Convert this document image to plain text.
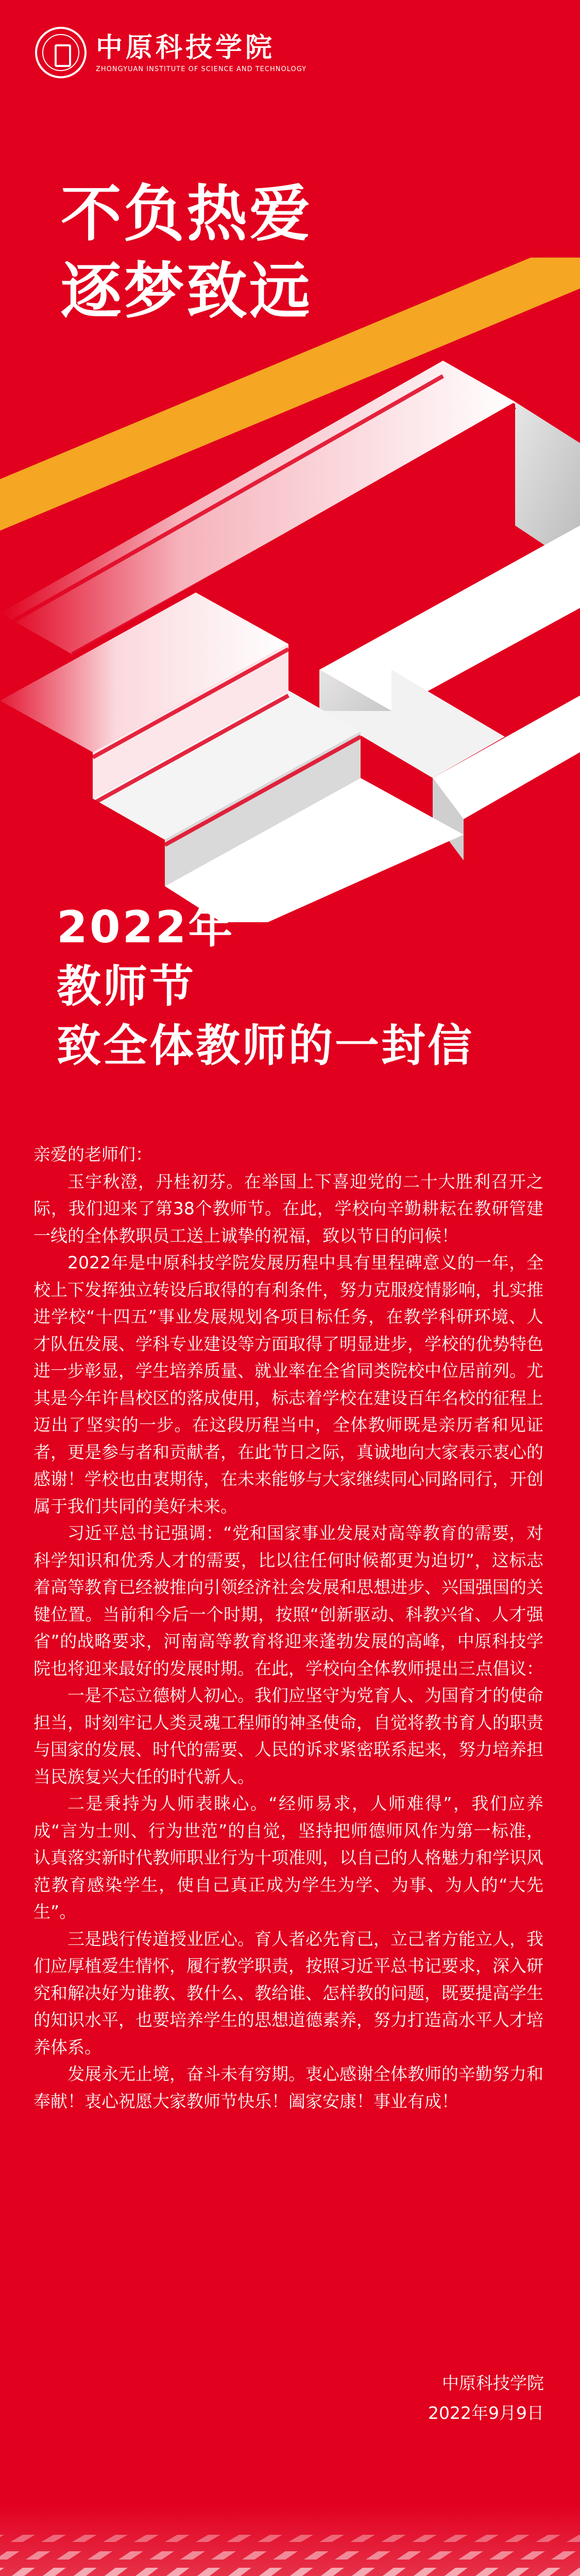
中原科技学院
ZHONGYUAN INSTITUTE OF SCIENCE AND TECHNOLOGY
不负热爱
逐梦致远
2022年
教师节
致全体教师的一封信

亲爱的老师们：

玉宇秋澄，丹桂初芬。在举国上下喜迎党的二十大胜利召开之际，我们迎来了第38个教师节。在此，学校向辛勤耕耘在教研管建一线的全体教职员工送上诚挚的祝福，致以节日的问候！

2022年是中原科技学院发展历程中具有里程碑意义的一年，全校上下发挥独立转设后取得的有利条件，努力克服疫情影响，扎实推进学校“十四五”事业发展规划各项目标任务，在教学科研环境、人才队伍发展、学科专业建设等方面取得了明显进步，学校的优势特色进一步彰显，学生培养质量、就业率在全省同类院校中位居前列。尤其是今年许昌校区的落成使用，标志着学校在建设百年名校的征程上迈出了坚实的一步。在这段历程当中，全体教师既是亲历者和见证者，更是参与者和贡献者，在此节日之际，真诚地向大家表示衷心的感谢！学校也由衷期待，在未来能够与大家继续同心同路同行，开创属于我们共同的美好未来。

习近平总书记强调：“党和国家事业发展对高等教育的需要，对科学知识和优秀人才的需要，比以往任何时候都更为迫切”，这标志着高等教育已经被推向引领经济社会发展和思想进步、兴国强国的关键位置。当前和今后一个时期，按照“创新驱动、科教兴省、人才强省”的战略要求，河南高等教育将迎来蓬勃发展的高峰，中原科技学院也将迎来最好的发展时期。在此，学校向全体教师提出三点倡议：

一是不忘立德树人初心。我们应坚守为党育人、为国育才的使命担当，时刻牢记人类灵魂工程师的神圣使命，自觉将教书育人的职责与国家的发展、时代的需要、人民的诉求紧密联系起来，努力培养担当民族复兴大任的时代新人。

二是秉持为人师表睐心。“经师易求，人师难得”，我们应养成“言为士则、行为世范”的自觉，坚持把师德师风作为第一标准，认真落实新时代教师职业行为十项准则，以自己的人格魅力和学识风范教育感染学生，使自己真正成为学生为学、为事、为人的“大先生”。

三是践行传道授业匠心。育人者必先育己，立己者方能立人，我们应厚植爱生情怀，履行教学职责，按照习近平总书记要求，深入研究和解决好为谁教、教什么、教给谁、怎样教的问题，既要提高学生的知识水平，也要培养学生的思想道德素养，努力打造高水平人才培养体系。

发展永无止境，奋斗未有穷期。衷心感谢全体教师的辛勤努力和奉献！衷心祝愿大家教师节快乐！阖家安康！事业有成！

中原科技学院
2022年9月9日
